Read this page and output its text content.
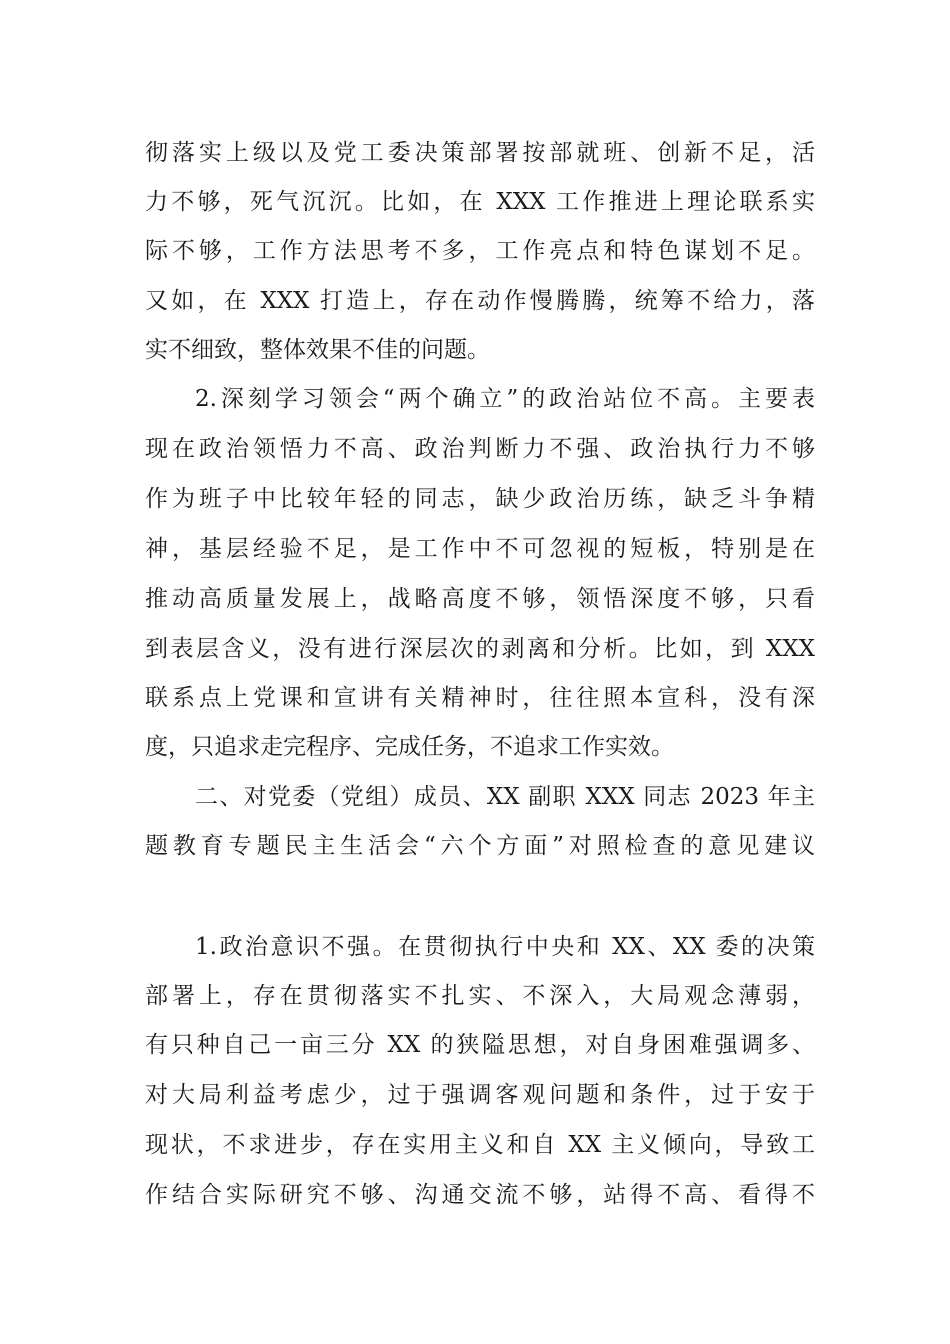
彻落实上级以及党工委决策部署按部就班、创新不足，活
力不够，死气沉沉。比如，在 XXX 工作推进上理论联系实
际不够，工作方法思考不多，工作亮点和特色谋划不足。
又如，在 XXX 打造上，存在动作慢腾腾，统筹不给力，落
实不细致，整体效果不佳的问题。
2.深刻学习领会“两个确立”的政治站位不高。主要表
现在政治领悟力不高、政治判断力不强、政治执行力不够
作为班子中比较年轻的同志，缺少政治历练，缺乏斗争精
神，基层经验不足，是工作中不可忽视的短板，特别是在
推动高质量发展上，战略高度不够，领悟深度不够，只看
到表层含义，没有进行深层次的剥离和分析。比如，到 XXX
联系点上党课和宣讲有关精神时，往往照本宣科，没有深
度，只追求走完程序、完成任务，不追求工作实效。
二、对党委（党组）成员、XX 副职 XXX 同志 2023 年主
题教育专题民主生活会“六个方面”对照检查的意见建议
1.政治意识不强。在贯彻执行中央和 XX、XX 委的决策
部署上，存在贯彻落实不扎实、不深入，大局观念薄弱，
有只种自己一亩三分 XX 的狭隘思想，对自身困难强调多、
对大局利益考虑少，过于强调客观问题和条件，过于安于
现状，不求进步，存在实用主义和自 XX 主义倾向，导致工
作结合实际研究不够、沟通交流不够，站得不高、看得不
